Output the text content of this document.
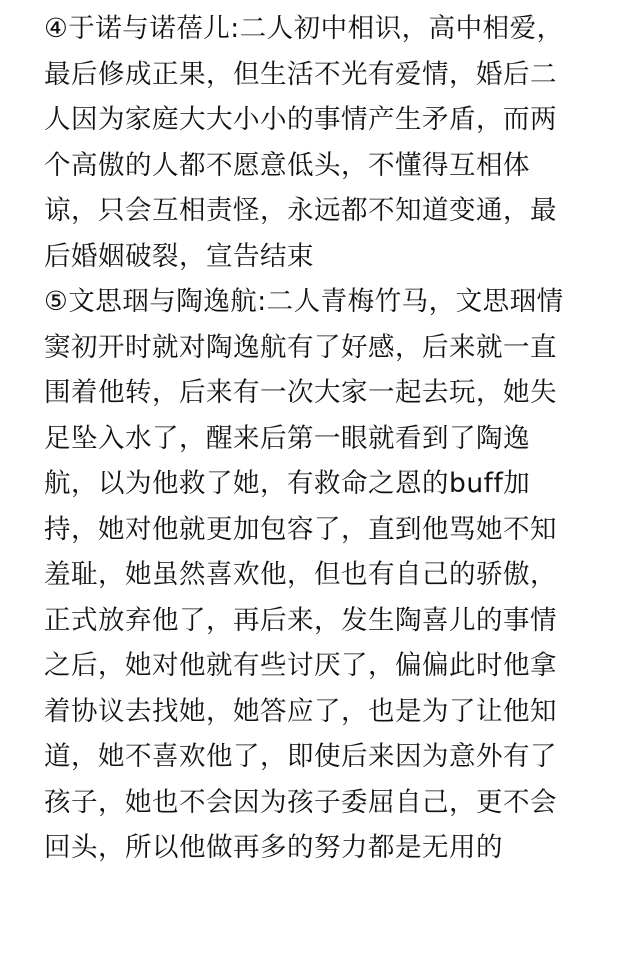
④于诺与诺蓓儿:二人初中相识，高中相爱，
最后修成正果，但生活不光有爱情，婚后二
人因为家庭大大小小的事情产生矛盾，而两
个高傲的人都不愿意低头，不懂得互相体
谅，只会互相责怪，永远都不知道变通，最
后婚姻破裂，宣告结束
⑤文思珚与陶逸航:二人青梅竹马，文思珚情
窦初开时就对陶逸航有了好感，后来就一直
围着他转，后来有一次大家一起去玩，她失
足坠入水了，醒来后第一眼就看到了陶逸
航，以为他救了她，有救命之恩的buff加
持，她对他就更加包容了，直到他骂她不知
羞耻，她虽然喜欢他，但也有自己的骄傲，
正式放弃他了，再后来，发生陶喜儿的事情
之后，她对他就有些讨厌了，偏偏此时他拿
着协议去找她，她答应了，也是为了让他知
道，她不喜欢他了，即使后来因为意外有了
孩子，她也不会因为孩子委屈自己，更不会
回头，所以他做再多的努力都是无用的
